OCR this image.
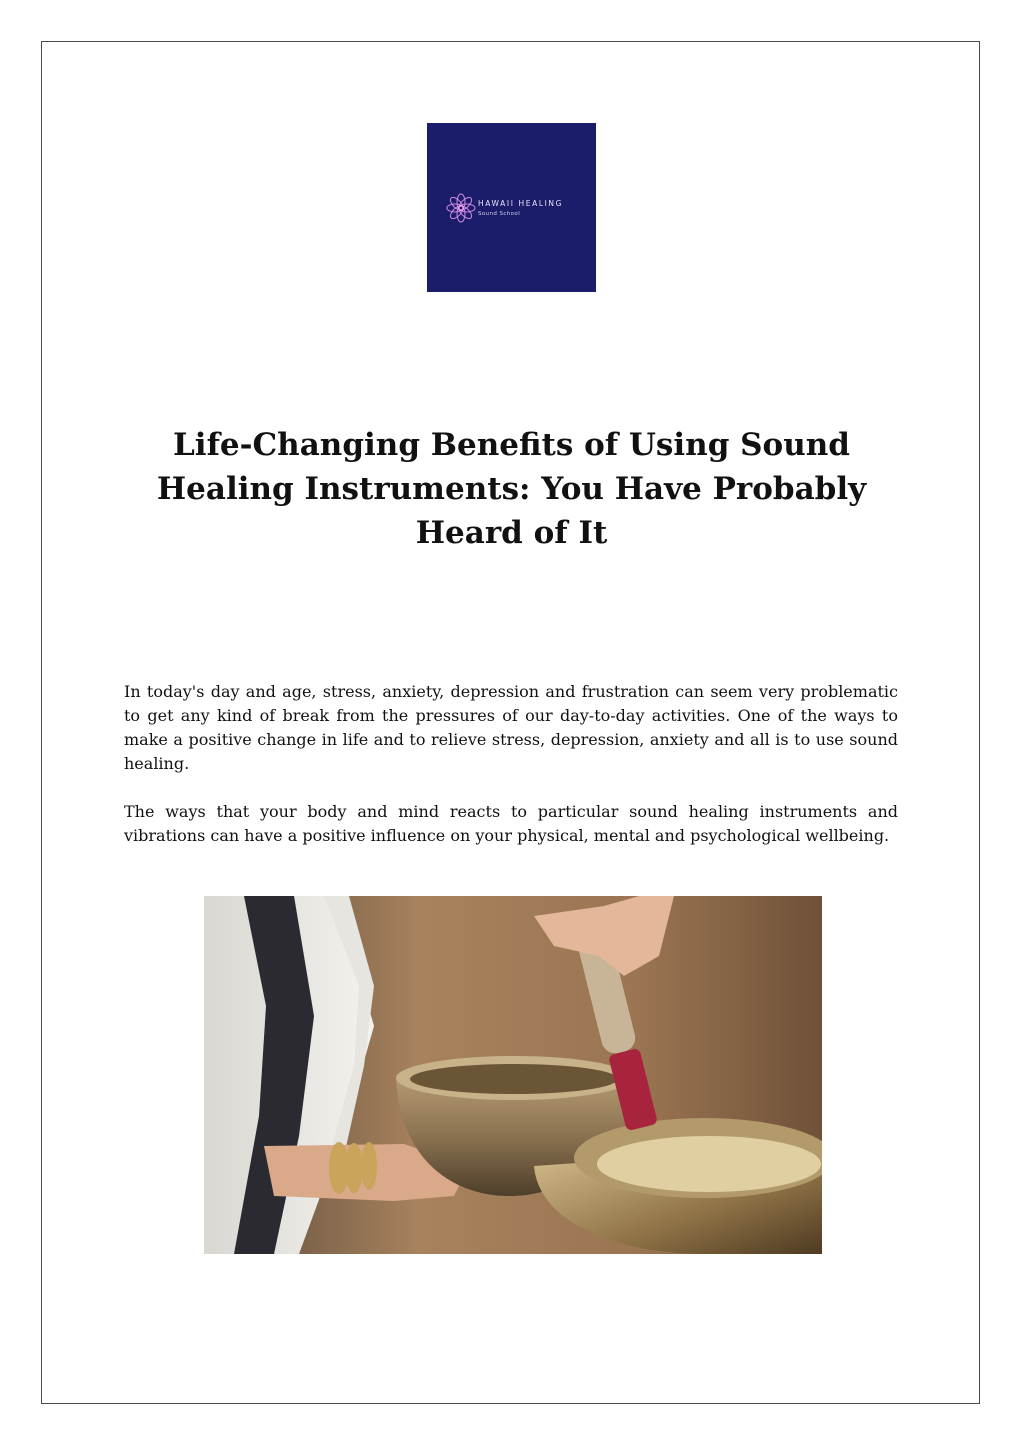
HAWAII HEALING
Sound School
Life-Changing Benefits of Using Sound Healing Instruments: You Have Probably Heard of It

In today's day and age, stress, anxiety, depression and frustration can seem very problematic to get any kind of break from the pressures of our day-to-day activities. One of the ways to make a positive change in life and to relieve stress, depression, anxiety and all is to use sound healing.

The ways that your body and mind reacts to particular sound healing instruments and vibrations can have a positive influence on your physical, mental and psychological wellbeing.
